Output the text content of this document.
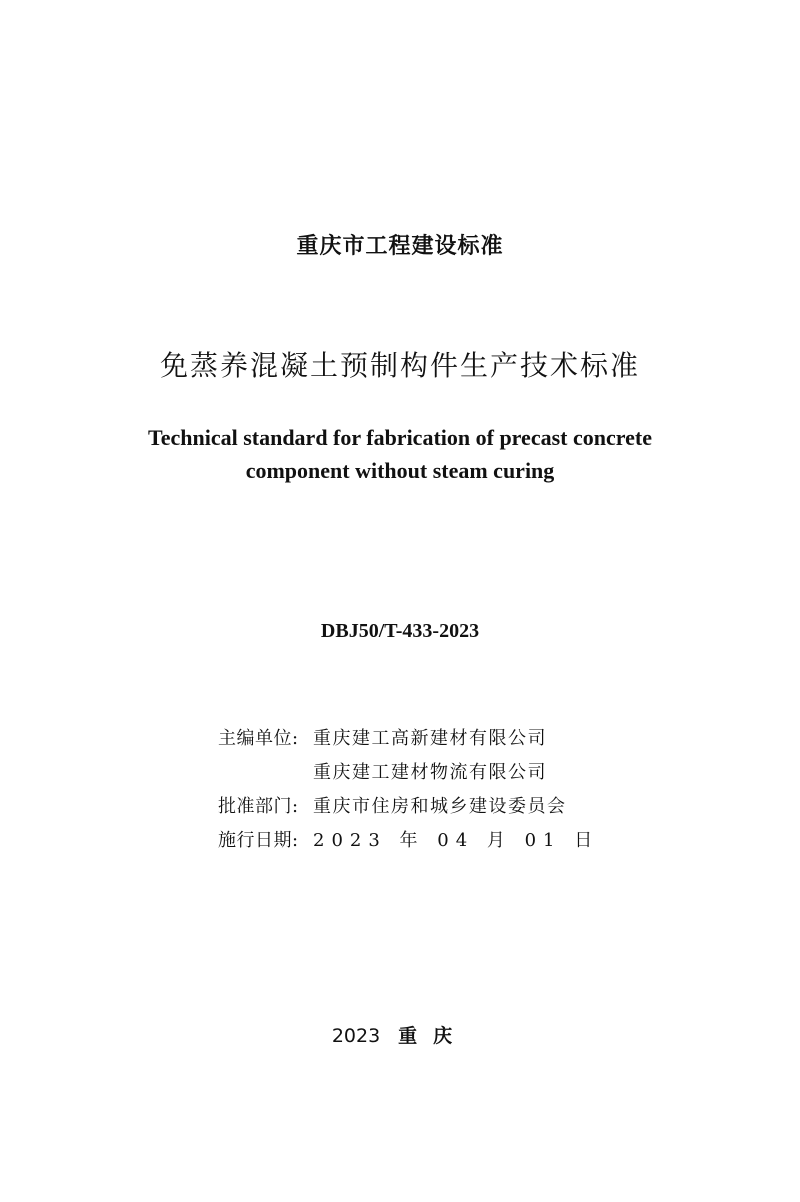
重庆市工程建设标准
免蒸养混凝土预制构件生产技术标准
Technical standard for fabrication of precast concrete
component without steam curing
DBJ50/T-433-2023
主编单位: 重庆建工高新建材有限公司
重庆建工建材物流有限公司
批准部门: 重庆市住房和城乡建设委员会
施行日期: 2023 年 04 月 01 日
2023 重庆
